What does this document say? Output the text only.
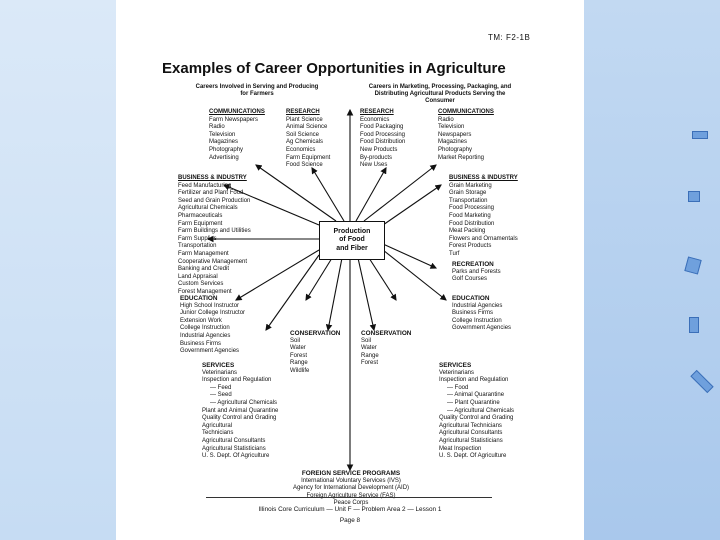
TM: F2-1B
Examples of Career Opportunities in Agriculture
Careers Involved in Serving and Producing for Farmers
Careers in Marketing, Processing, Packaging, and Distributing Agricultural Products Serving the Consumer
Production
of Food
and Fiber
COMMUNICATIONS
Farm Newspapers
Radio
Television
Magazines
Photography
Advertising
RESEARCH
Plant Science
Animal Science
Soil Science
Ag Chemicals
Economics
Farm Equipment
Food Science
RESEARCH
Economics
Food Packaging
Food Processing
Food Distribution
New Products
By-products
New Uses
COMMUNICATIONS
Radio
Television
Newspapers
Magazines
Photography
Market Reporting
BUSINESS & INDUSTRY
Feed Manufacturing
Fertilizer and Plant Food
Seed and Grain Production
Agricultural Chemicals
Pharmaceuticals
Farm Equipment
Farm Buildings and Utilities
Farm Supplies
Transportation
Farm Management
Cooperative Management
Banking and Credit
Land Appraisal
Custom Services
Forest Management
BUSINESS & INDUSTRY
Grain Marketing
Grain Storage
Transportation
Food Processing
Food Marketing
Food Distribution
Meat Packing
Flowers and Ornamentals
Forest Products
Turf
RECREATION
Parks and Forests
Golf Courses
EDUCATION
High School Instructor
Junior College Instructor
Extension Work
College Instruction
Industrial Agencies
Business Firms
Government Agencies
EDUCATION
Industrial Agencies
Business Firms
College Instruction
Government Agencies
CONSERVATION
Soil
Water
Forest
Range
Wildlife
CONSERVATION
Soil
Water
Range
Forest
SERVICES
Veterinarians
Inspection and Regulation
— Feed
— Seed
— Agricultural Chemicals
Plant and Animal Quarantine
Quality Control and Grading
Agricultural
Technicians
Agricultural Consultants
Agricultural Statisticians
U. S. Dept. Of Agriculture
SERVICES
Veterinarians
Inspection and Regulation
— Food
— Animal Quarantine
— Plant Quarantine
— Agricultural Chemicals
Quality Control and Grading
Agricultural Technicians
Agricultural Consultants
Agricultural Statisticians
Meat Inspection
U. S. Dept. Of Agriculture
FOREIGN SERVICE PROGRAMS
International Voluntary Services (IVS)
Agency for International Development (AID)
Foreign Agriculture Service (FAS)
Peace Corps
Illinois Core Curriculum — Unit F — Problem Area 2 — Lesson 1
Page 8
